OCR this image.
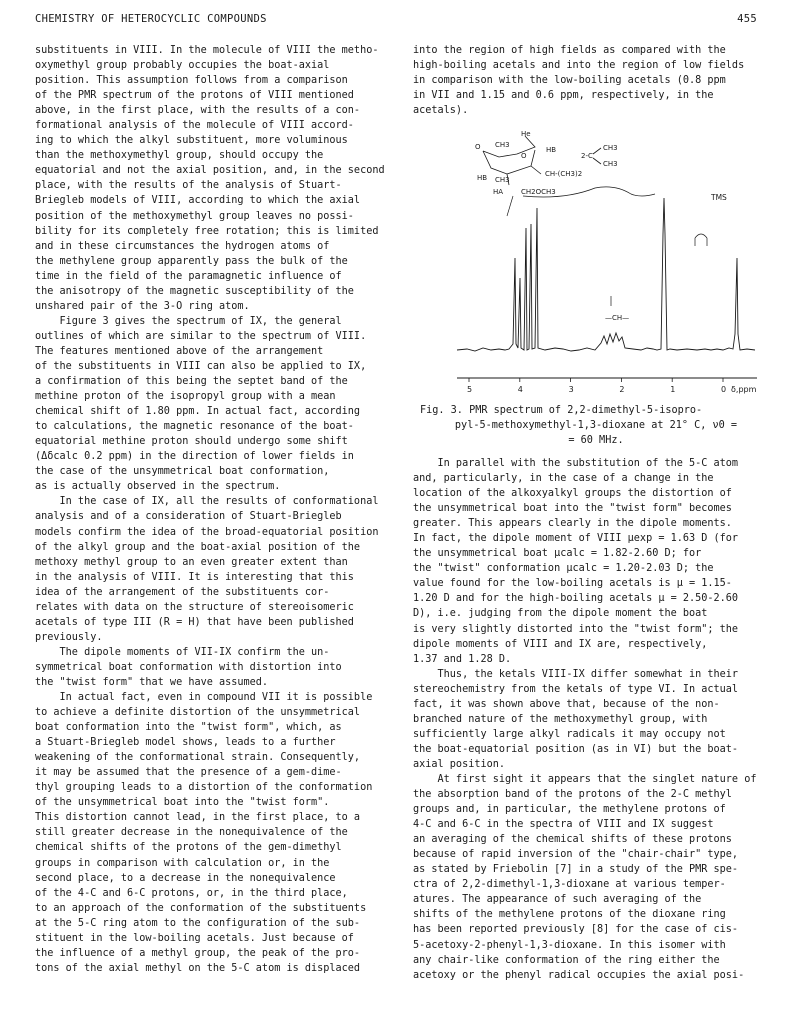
CHEMISTRY OF HETEROCYCLIC COMPOUNDS	455
substituents in VIII. In the molecule of VIII the metho-
oxymethyl group probably occupies the boat-axial
position. This assumption follows from a comparison
of the PMR spectrum of the protons of VIII mentioned
above, in the first place, with the results of a con-
formational analysis of the molecule of VIII accord-
ing to which the alkyl substituent, more voluminous
than the methoxymethyl group, should occupy the
equatorial and not the axial position, and, in the second
place, with the results of the analysis of Stuart-
Briegleb models of VIII, according to which the axial
position of the methoxymethyl group leaves no possi-
bility for its completely free rotation; this is limited
and in these circumstances the hydrogen atoms of
the methylene group apparently pass the bulk of the
time in the field of the paramagnetic influence of
the anisotropy of the magnetic susceptibility of the
unshared pair of the 3-O ring atom.
Figure 3 gives the spectrum of IX, the general
outlines of which are similar to the spectrum of VIII.
The features mentioned above of the arrangement
of the substituents in VIII can also be applied to IX,
a confirmation of this being the septet band of the
methine proton of the isopropyl group with a mean
chemical shift of 1.80 ppm. In actual fact, according
to calculations, the magnetic resonance of the boat-
equatorial methine proton should undergo some shift
(Δδcalc 0.2 ppm) in the direction of lower fields in
the case of the unsymmetrical boat conformation,
as is actually observed in the spectrum.
In the case of IX, all the results of conformational
analysis and of a consideration of Stuart-Briegleb
models confirm the idea of the broad-equatorial position
of the alkyl group and the boat-axial position of the
methoxy methyl group to an even greater extent than
in the analysis of VIII. It is interesting that this
idea of the arrangement of the substituents cor-
relates with data on the structure of stereoisomeric
acetals of type III (R = H) that have been published
previously.
The dipole moments of VII-IX confirm the un-
symmetrical boat conformation with distortion into
the "twist form" that we have assumed.
In actual fact, even in compound VII it is possible
to achieve a definite distortion of the unsymmetrical
boat conformation into the "twist form", which, as
a Stuart-Briegleb model shows, leads to a further
weakening of the conformational strain. Consequently,
it may be assumed that the presence of a gem-dime-
thyl grouping leads to a distortion of the conformation
of the unsymmetrical boat into the "twist form".
This distortion cannot lead, in the first place, to a
still greater decrease in the nonequivalence of the
chemical shifts of the protons of the gem-dimethyl
groups in comparison with calculation or, in the
second place, to a decrease in the nonequivalence
of the 4-C and 6-C protons, or, in the third place,
to an approach of the conformation of the substituents
at the 5-C ring atom to the configuration of the sub-
stituent in the low-boiling acetals. Just because of
the influence of a methyl group, the peak of the pro-
tons of the axial methyl on the 5-C atom is displaced
into the region of high fields as compared with the
high-boiling acetals and into the region of low fields
in comparison with the low-boiling acetals (0.8 ppm
in VII and 1.15 and 0.6 ppm, respectively, in the
acetals).
O CH3
O
He
HB
HB CH3
HA	CH2OCH3
CH-(CH3)2
2-C
CH3
CH3
TMS
—CH—
5	4	3	2	1	0 δ,ppm
Fig. 3. PMR spectrum of 2,2-dimethyl-5-isopro-
pyl-5-methoxymethyl-1,3-dioxane at 21° C, ν0 =
= 60 MHz.
In parallel with the substitution of the 5-C atom
and, particularly, in the case of a change in the
location of the alkoxyalkyl groups the distortion of
the unsymmetrical boat into the "twist form" becomes
greater. This appears clearly in the dipole moments.
In fact, the dipole moment of VIII μexp = 1.63 D (for
the unsymmetrical boat μcalc = 1.82-2.60 D; for
the "twist" conformation μcalc = 1.20-2.03 D; the
value found for the low-boiling acetals is μ = 1.15-
1.20 D and for the high-boiling acetals μ = 2.50-2.60
D), i.e. judging from the dipole moment the boat
is very slightly distorted into the "twist form"; the
dipole moments of VIII and IX are, respectively,
1.37 and 1.28 D.
Thus, the ketals VIII-IX differ somewhat in their
stereochemistry from the ketals of type VI. In actual
fact, it was shown above that, because of the non-
branched nature of the methoxymethyl group, with
sufficiently large alkyl radicals it may occupy not
the boat-equatorial position (as in VI) but the boat-
axial position.
At first sight it appears that the singlet nature of
the absorption band of the protons of the 2-C methyl
groups and, in particular, the methylene protons of
4-C and 6-C in the spectra of VIII and IX suggest
an averaging of the chemical shifts of these protons
because of rapid inversion of the "chair-chair" type,
as stated by Friebolin [7] in a study of the PMR spe-
ctra of 2,2-dimethyl-1,3-dioxane at various temper-
atures. The appearance of such averaging of the
shifts of the methylene protons of the dioxane ring
has been reported previously [8] for the case of cis-
5-acetoxy-2-phenyl-1,3-dioxane. In this isomer with
any chair-like conformation of the ring either the
acetoxy or the phenyl radical occupies the axial posi-
